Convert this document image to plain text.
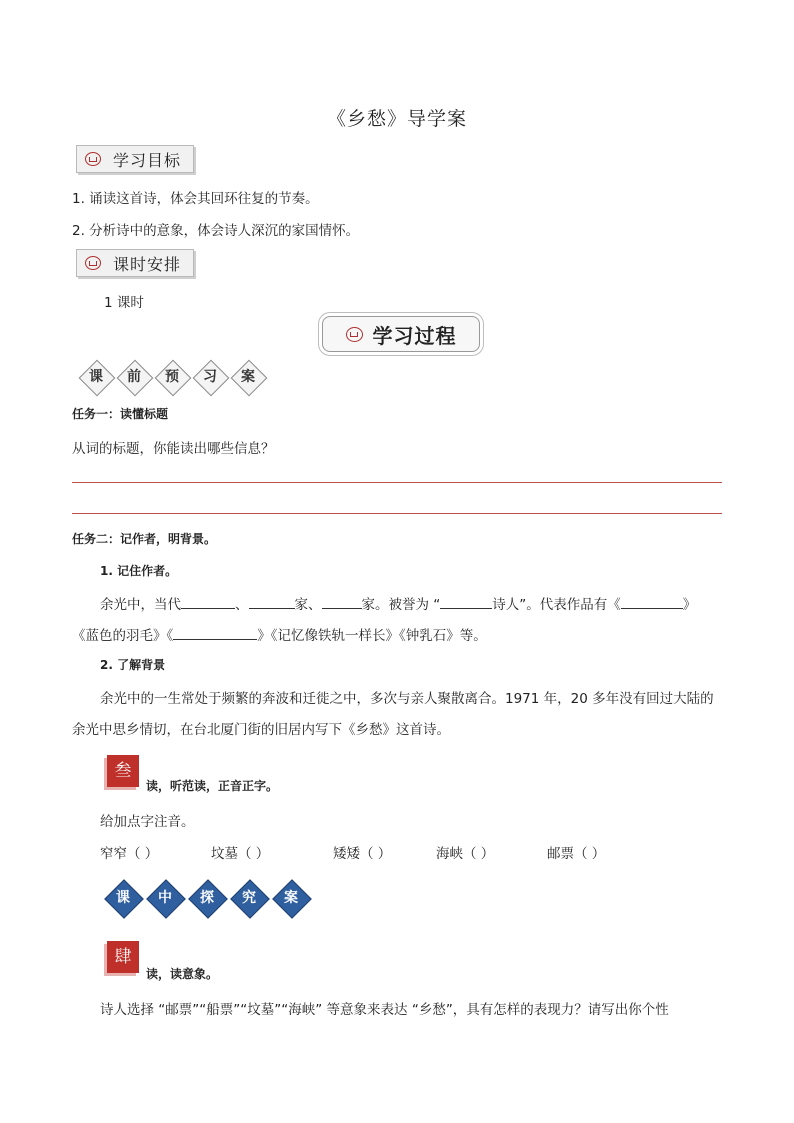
《乡愁》导学案
学习目标
1. 诵读这首诗，体会其回环往复的节奏。
2. 分析诗中的意象，体会诗人深沉的家国情怀。
课时安排
1 课时
学习过程
课	前	预	习	案
任务一：读懂标题
从词的标题，你能读出哪些信息？
任务二：记作者，明背景。
1. 记住作者。
余光中，当代	、	家、	家。被誉为 “	诗人”。代表作品有《	》
《蓝色的羽毛》《	》《记忆像铁轨一样长》《钟乳石》等。
2. 了解背景
余光中的一生常处于频繁的奔波和迁徙之中，多次与亲人聚散离合。1971 年，20 多年没有回过大陆的
余光中思乡情切，在台北厦门街的旧居内写下《乡愁》这首诗。
叁
读，听范读，正音正字。
给加点字注音。
窄窄（ ）	坟墓（ ）	矮矮（ ）	海峡（ ）	邮票（ ）
课	中	探	究	案
肆
读，读意象。
诗人选择 “邮票”“船票”“坟墓”“海峡” 等意象来表达 “乡愁”，具有怎样的表现力？请写出你个性
